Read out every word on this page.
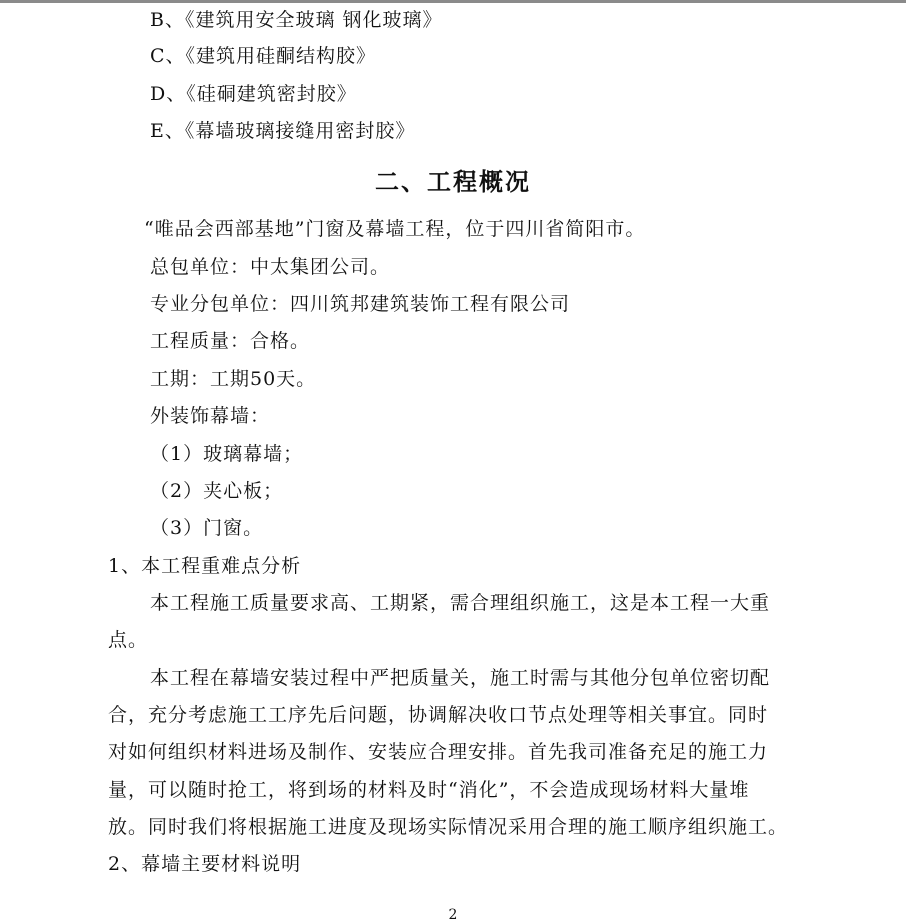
B、《建筑用安全玻璃 钢化玻璃》
C、《建筑用硅酮结构胶》
D、《硅硐建筑密封胶》
E、《幕墙玻璃接缝用密封胶》
二、工程概况
“唯品会西部基地”门窗及幕墙工程，位于四川省简阳市。
总包单位：中太集团公司。
专业分包单位：四川筑邦建筑装饰工程有限公司
工程质量：合格。
工期：工期50天。
外装饰幕墙：
（1）玻璃幕墙；
（2）夹心板；
（3）门窗。
1、本工程重难点分析
本工程施工质量要求高、工期紧，需合理组织施工，这是本工程一大重
点。
本工程在幕墙安装过程中严把质量关，施工时需与其他分包单位密切配
合，充分考虑施工工序先后问题，协调解决收口节点处理等相关事宜。同时
对如何组织材料进场及制作、安装应合理安排。首先我司准备充足的施工力
量，可以随时抢工，将到场的材料及时“消化”，不会造成现场材料大量堆
放。同时我们将根据施工进度及现场实际情况采用合理的施工顺序组织施工。
2、幕墙主要材料说明
2
